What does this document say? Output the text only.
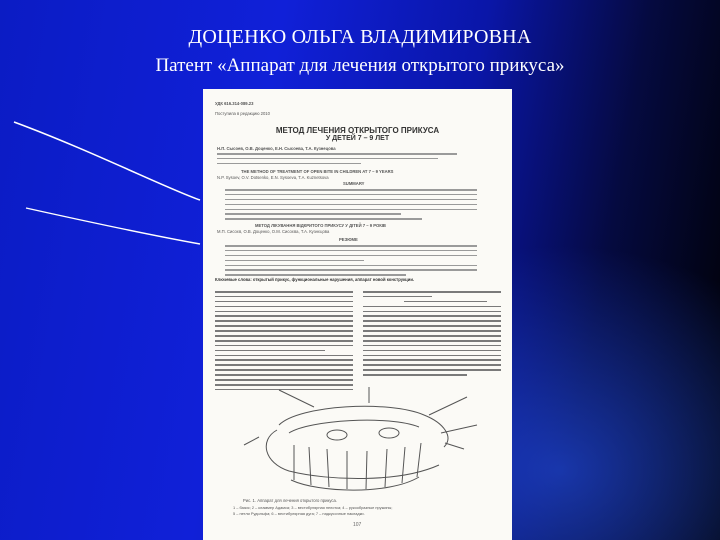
ДОЦЕНКО ОЛЬГА ВЛАДИМИРОВНА
Патент «Аппарат для лечения открытого прикуса»
УДК 616.314-089.23
Поступила в редакцию 2010
МЕТОД ЛЕЧЕНИЯ ОТКРЫТОГО ПРИКУСА
У ДЕТЕЙ 7 – 9 ЛЕТ
Н.П. Сысоев, О.В. Доценко, Е.Н. Сысоева, Т.А. Кузнецова
THE METHOD OF TREATMENT OF OPEN BITE IN CHILDREN AT 7 – 9 YEARS
N.P. Sysoev, O.V. Dotsenko, E.N. Sysoeva, T.A. Kuznetsova
SUMMARY
МЕТОД ЛІКУВАННЯ ВІДКРИТОГО ПРИКУСУ У ДІТЕЙ 7 – 9 РОКІВ
М.П. Сисоєв, О.В. Доценко, О.М. Сисоєва, Т.А. Кузнєцова
РЕЗЮМЕ
Ключевые слова: открытый прикус, функциональные нарушения, аппарат новой конструкции.
Рис. 1. Аппарат для лечения открытого прикуса.
1 – базис; 2 – кламмер Адамса; 3 – вестибулярная пелотка; 4 – рукообразные пружины;
5 – петли Рудольфа; 6 – вестибулярная дуга; 7 – надкусочные накладки.
107
